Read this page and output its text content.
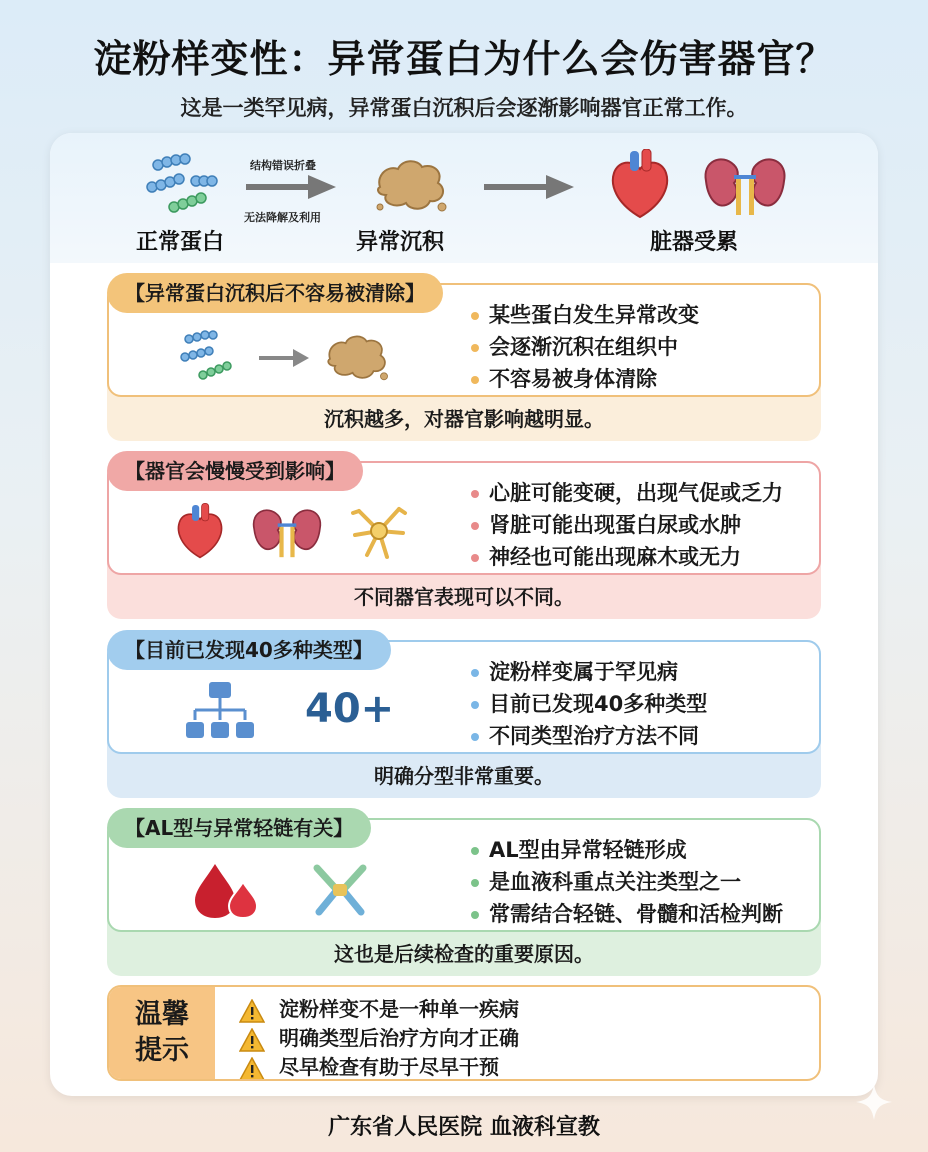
淀粉样变性：异常蛋白为什么会伤害器官？
这是一类罕见病，异常蛋白沉积后会逐渐影响器官正常工作。
正常蛋白
结构错误折叠
无法降解及利用
异常沉积	脏器受累
某些蛋白发生异常改变
会逐渐沉积在组织中
不容易被身体清除
【异常蛋白沉积后不容易被清除】
沉积越多，对器官影响越明显。
心脏可能变硬，出现气促或乏力
肾脏可能出现蛋白尿或水肿
神经也可能出现麻木或无力
【器官会慢慢受到影响】
不同器官表现可以不同。
40+
淀粉样变属于罕见病
目前已发现40多种类型
不同类型治疗方法不同
【目前已发现40多种类型】
明确分型非常重要。
AL型由异常轻链形成
是血液科重点关注类型之一
常需结合轻链、骨髓和活检判断
【AL型与异常轻链有关】
这也是后续检查的重要原因。
温馨
提示
淀粉样变不是一种单一疾病
明确类型后治疗方向才正确
尽早检查有助于尽早干预
广东省人民医院 血液科宣教
